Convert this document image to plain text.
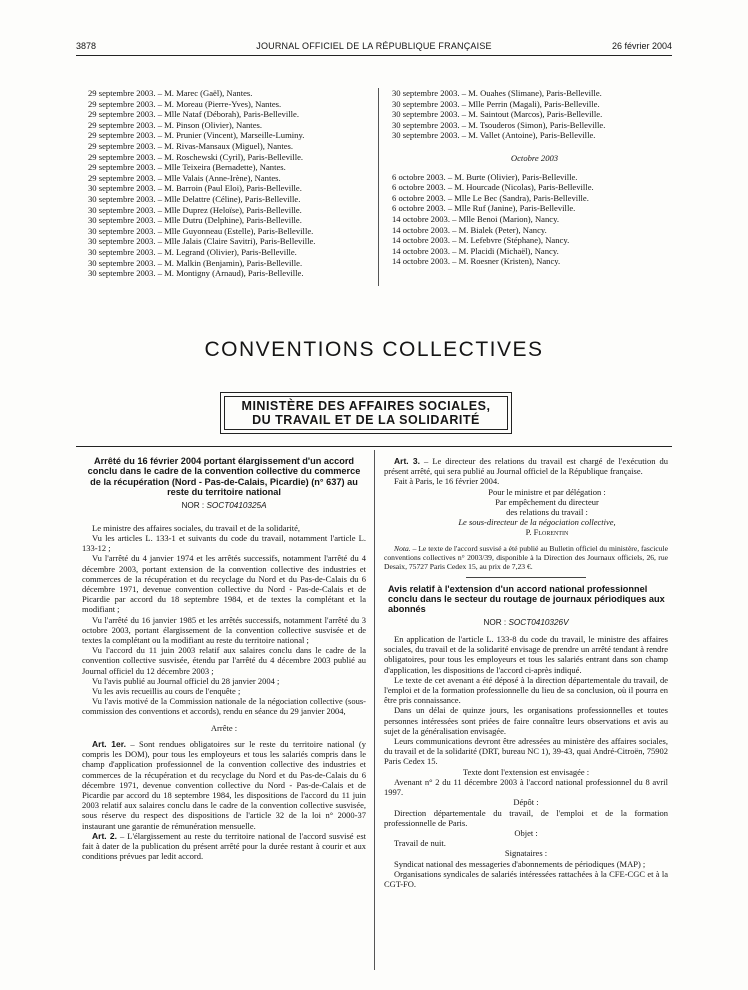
3878	JOURNAL OFFICIEL DE LA RÉPUBLIQUE FRANÇAISE	26 février 2004
29 septembre 2003. – M. Marec (Gaël), Nantes.
29 septembre 2003. – M. Moreau (Pierre-Yves), Nantes.
29 septembre 2003. – Mlle Nataf (Déborah), Paris-Belleville.
29 septembre 2003. – M. Pinson (Olivier), Nantes.
29 septembre 2003. – M. Prunier (Vincent), Marseille-Luminy.
29 septembre 2003. – M. Rivas-Mansaux (Miguel), Nantes.
29 septembre 2003. – M. Roschewski (Cyril), Paris-Belleville.
29 septembre 2003. – Mlle Teixeira (Bernadette), Nantes.
29 septembre 2003. – Mlle Valais (Anne-Irène), Nantes.
30 septembre 2003. – M. Barroin (Paul Eloi), Paris-Belleville.
30 septembre 2003. – Mlle Delattre (Céline), Paris-Belleville.
30 septembre 2003. – Mlle Duprez (Heloïse), Paris-Belleville.
30 septembre 2003. – Mlle Dutru (Delphine), Paris-Belleville.
30 septembre 2003. – Mlle Guyonneau (Estelle), Paris-Belleville.
30 septembre 2003. – Mlle Jalais (Claire Savitri), Paris-Belleville.
30 septembre 2003. – M. Legrand (Olivier), Paris-Belleville.
30 septembre 2003. – M. Malkin (Benjamin), Paris-Belleville.
30 septembre 2003. – M. Montigny (Arnaud), Paris-Belleville.
30 septembre 2003. – M. Ouahes (Slimane), Paris-Belleville.
30 septembre 2003. – Mlle Perrin (Magali), Paris-Belleville.
30 septembre 2003. – M. Saintout (Marcos), Paris-Belleville.
30 septembre 2003. – M. Tsouderos (Simon), Paris-Belleville.
30 septembre 2003. – M. Vallet (Antoine), Paris-Belleville.
Octobre 2003
6 octobre 2003. – M. Burte (Olivier), Paris-Belleville.
6 octobre 2003. – M. Hourcade (Nicolas), Paris-Belleville.
6 octobre 2003. – Mlle Le Bec (Sandra), Paris-Belleville.
6 octobre 2003. – Mlle Ruf (Janine), Paris-Belleville.
14 octobre 2003. – Mlle Benoi (Marion), Nancy.
14 octobre 2003. – M. Bialek (Peter), Nancy.
14 octobre 2003. – M. Lefebvre (Stéphane), Nancy.
14 octobre 2003. – M. Placidi (Michaël), Nancy.
14 octobre 2003. – M. Roesner (Kristen), Nancy.
CONVENTIONS COLLECTIVES
MINISTÈRE DES AFFAIRES SOCIALES,
DU TRAVAIL ET DE LA SOLIDARITÉ
Arrêté du 16 février 2004 portant élargissement d'un accord conclu dans le cadre de la convention collective du commerce de la récupération (Nord - Pas-de-Calais, Picardie) (n° 637) au reste du territoire national
NOR : SOCT0410325A

Le ministre des affaires sociales, du travail et de la solidarité,

Vu les articles L. 133-1 et suivants du code du travail, notamment l'article L. 133-12 ;

Vu l'arrêté du 4 janvier 1974 et les arrêtés successifs, notamment l'arrêté du 4 décembre 2003, portant extension de la convention collective des industries et commerces de la récupération et du recyclage du Nord et du Pas-de-Calais du 6 décembre 1971, devenue convention collective du Nord - Pas-de-Calais et de Picardie par accord du 18 septembre 1984, et de textes la complétant et la modifiant ;

Vu l'arrêté du 16 janvier 1985 et les arrêtés successifs, notamment l'arrêté du 3 octobre 2003, portant élargissement de la convention collective susvisée et de textes la complétant ou la modifiant au reste du territoire national ;

Vu l'accord du 11 juin 2003 relatif aux salaires conclu dans le cadre de la convention collective susvisée, étendu par l'arrêté du 4 décembre 2003 publié au Journal officiel du 12 décembre 2003 ;

Vu l'avis publié au Journal officiel du 28 janvier 2004 ;

Vu les avis recueillis au cours de l'enquête ;

Vu l'avis motivé de la Commission nationale de la négociation collective (sous-commission des conventions et accords), rendu en séance du 29 janvier 2004,

Arrête :

Art. 1er. – Sont rendues obligatoires sur le reste du territoire national (y compris les DOM), pour tous les employeurs et tous les salariés compris dans le champ d'application professionnel de la convention collective des industries et commerces de la récupération et du recyclage du Nord et du Pas-de-Calais du 6 décembre 1971, devenue convention collective du Nord - Pas-de-Calais et de Picardie par accord du 18 septembre 1984, les dispositions de l'accord du 11 juin 2003 relatif aux salaires conclu dans le cadre de la convention collective susvisée, sous réserve du respect des dispositions de l'article 32 de la loi n° 2000-37 instaurant une garantie de rémunération mensuelle.

Art. 2. – L'élargissement au reste du territoire national de l'accord susvisé est fait à dater de la publication du présent arrêté pour la durée restant à courir et aux conditions prévues par ledit accord.

Art. 3. – Le directeur des relations du travail est chargé de l'exécution du présent arrêté, qui sera publié au Journal officiel de la République française.

Fait à Paris, le 16 février 2004.

Pour le ministre et par délégation :
Par empêchement du directeur
des relations du travail :
Le sous-directeur de la négociation collective,
P. Florentin

Nota. – Le texte de l'accord susvisé a été publié au Bulletin officiel du ministère, fascicule conventions collectives n° 2003/39, disponible à la Direction des Journaux officiels, 26, rue Desaix, 75727 Paris Cedex 15, au prix de 7,23 €.

Avis relatif à l'extension d'un accord national professionnel conclu dans le secteur du routage de journaux périodiques aux abonnés
NOR : SOCT0410326V

En application de l'article L. 133-8 du code du travail, le ministre des affaires sociales, du travail et de la solidarité envisage de prendre un arrêté tendant à rendre obligatoires, pour tous les employeurs et tous les salariés entrant dans son champ d'application, les dispositions de l'accord ci-après indiqué.

Le texte de cet avenant a été déposé à la direction départementale du travail, de l'emploi et de la formation professionnelle du lieu de sa conclusion, où il pourra en être pris connaissance.

Dans un délai de quinze jours, les organisations professionnelles et toutes personnes intéressées sont priées de faire connaître leurs observations et avis au sujet de la généralisation envisagée.

Leurs communications devront être adressées au ministère des affaires sociales, du travail et de la solidarité (DRT, bureau NC 1), 39-43, quai André-Citroën, 75902 Paris Cedex 15.

Texte dont l'extension est envisagée :

Avenant n° 2 du 11 décembre 2003 à l'accord national professionnel du 8 avril 1997.

Dépôt :

Direction départementale du travail, de l'emploi et de la formation professionnelle de Paris.

Objet :

Travail de nuit.

Signataires :

Syndicat national des messageries d'abonnements de périodiques (MAP) ;

Organisations syndicales de salariés intéressées rattachées à la CFE-CGC et à la CGT-FO.
